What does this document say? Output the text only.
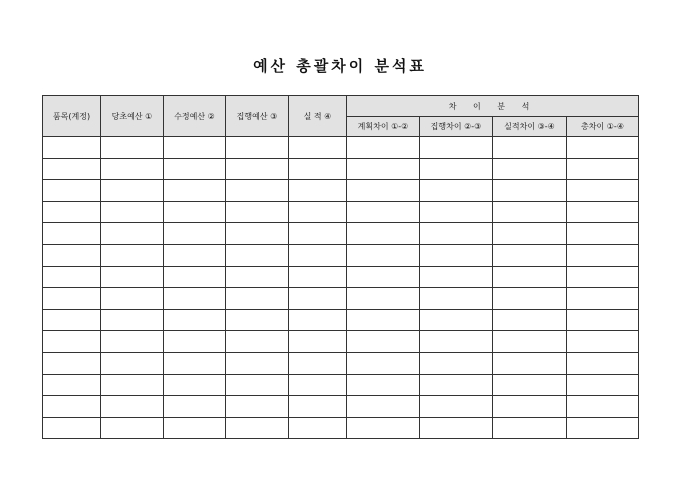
예산 총괄차이 분석표
품목(계정)	당초예산 ①	수정예산 ②	집행예산 ③	실 적 ④	차 이 분 석			
					계획차이 ①-②	집행차이 ②-③	실적차이 ③-④	총차이 ①-④
